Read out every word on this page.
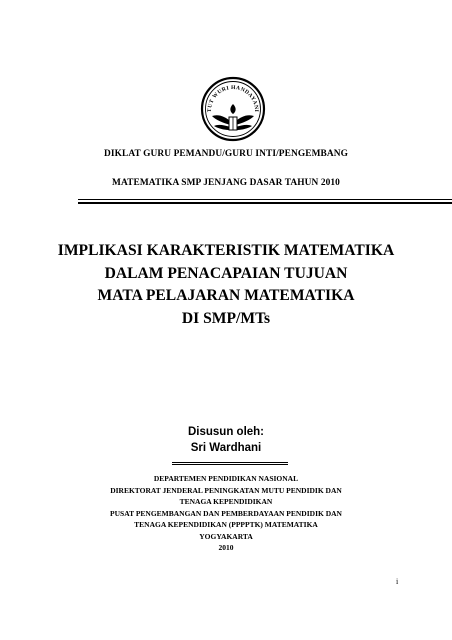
TUT WURI HANDAYANI
DIKLAT GURU PEMANDU/GURU INTI/PENGEMBANG
MATEMATIKA SMP JENJANG DASAR TAHUN 2010
IMPLIKASI KARAKTERISTIK MATEMATIKA
DALAM PENACAPAIAN TUJUAN
MATA PELAJARAN MATEMATIKA
DI SMP/MTs
Disusun oleh:
Sri Wardhani
DEPARTEMEN PENDIDIKAN NASIONAL
DIREKTORAT JENDERAL PENINGKATAN MUTU PENDIDIK DAN
TENAGA KEPENDIDIKAN
PUSAT PENGEMBANGAN DAN PEMBERDAYAAN PENDIDIK DAN
TENAGA KEPENDIDIKAN (PPPPTK) MATEMATIKA
YOGYAKARTA
2010
i
